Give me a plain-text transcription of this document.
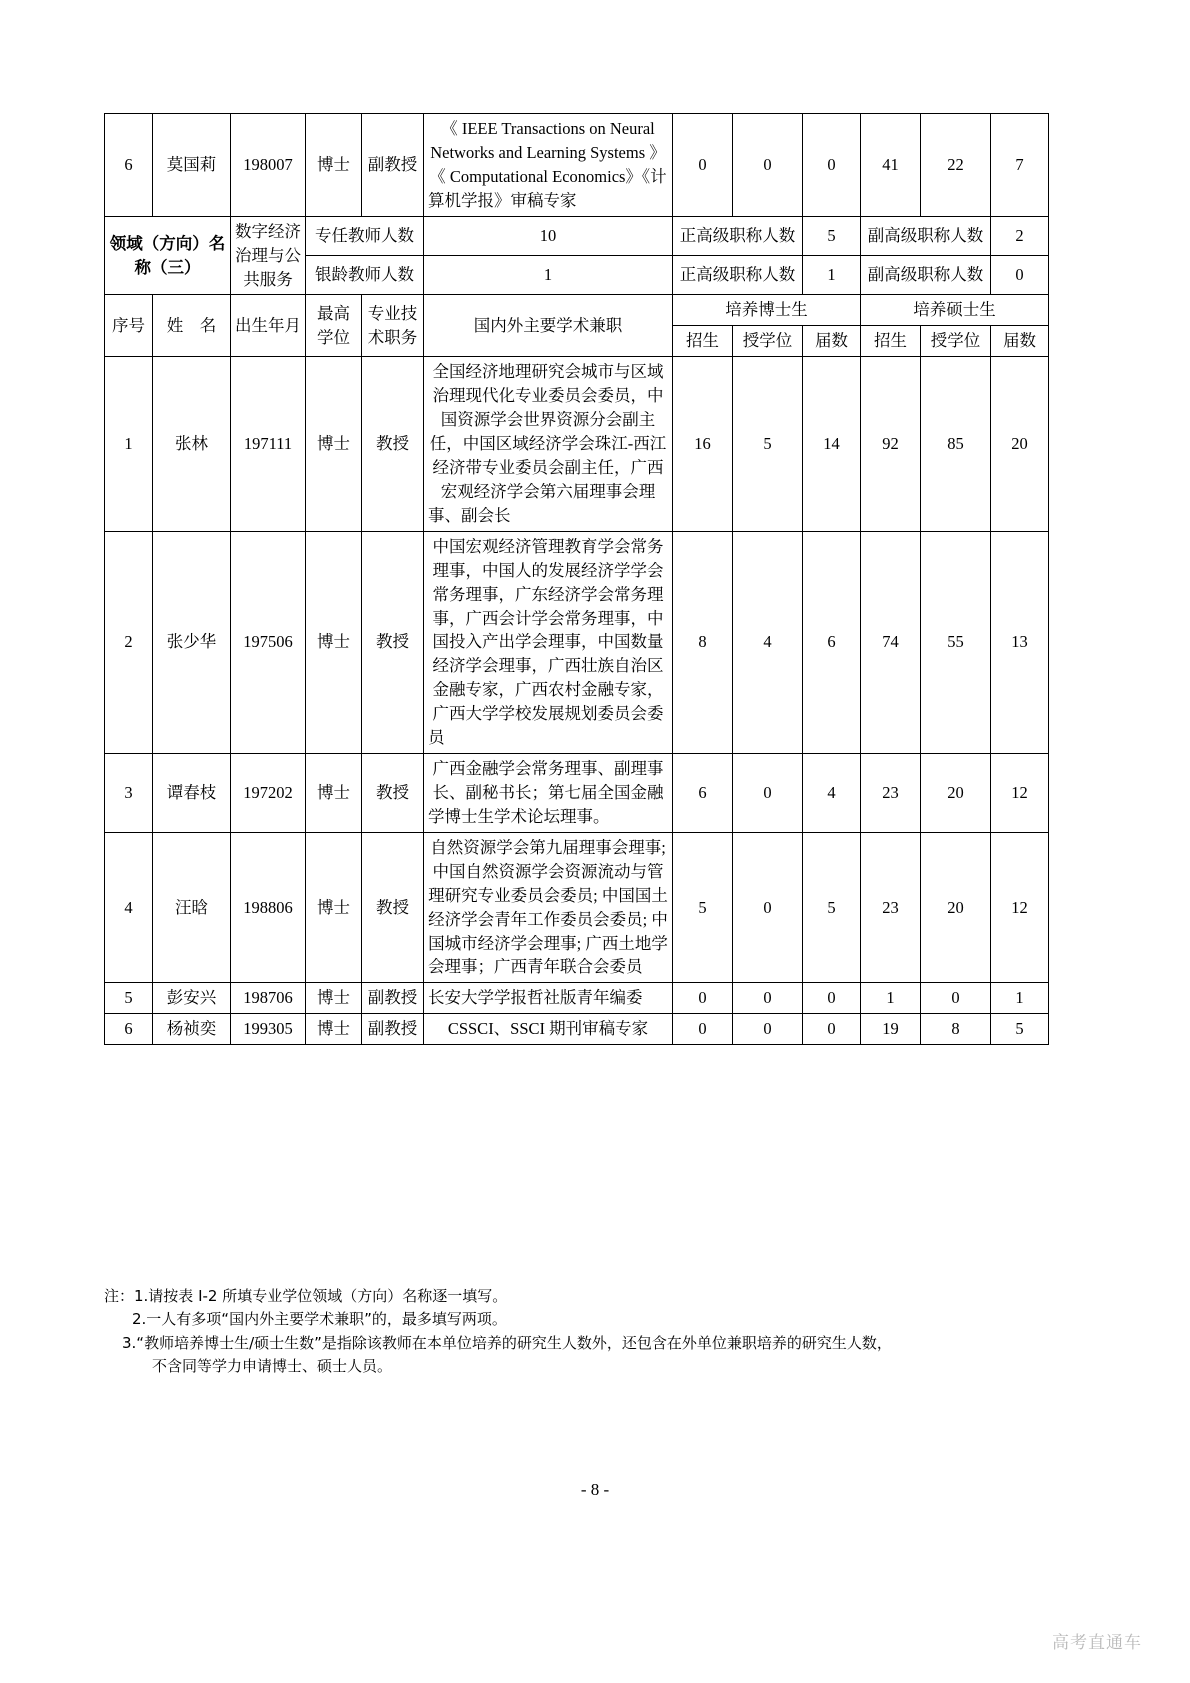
6	莫国莉	198007	博士	副教授	《 IEEE Transactions on Neural Networks and Learning Systems 》《 Computational Economics》《计算机学报》审稿专家	0	0	0	41	22	7
领域（方向）名称（三）		数字经济治理与公共服务	专任教师人数		10	正高级职称人数		5	副高级职称人数		2
			银龄教师人数		1	正高级职称人数		1	副高级职称人数		0
序号	姓　名	出生年月	最高学位	专业技术职务	国内外主要学术兼职	培养博士生			培养硕士生		
						招生	授学位	届数	招生	授学位	届数
1	张林	197111	博士	教授	全国经济地理研究会城市与区域治理现代化专业委员会委员，中国资源学会世界资源分会副主任，中国区域经济学会珠江-西江经济带专业委员会副主任，广西宏观经济学会第六届理事会理事、副会长	16	5	14	92	85	20
2	张少华	197506	博士	教授	中国宏观经济管理教育学会常务理事，中国人的发展经济学学会常务理事，广东经济学会常务理事，广西会计学会常务理事，中国投入产出学会理事，中国数量经济学会理事，广西壮族自治区金融专家，广西农村金融专家，广西大学学校发展规划委员会委员	8	4	6	74	55	13
3	谭春枝	197202	博士	教授	广西金融学会常务理事、副理事长、副秘书长；第七届全国金融学博士生学术论坛理事。	6	0	4	23	20	12
4	汪晗	198806	博士	教授	自然资源学会第九届理事会理事; 中国自然资源学会资源流动与管理研究专业委员会委员; 中国国土经济学会青年工作委员会委员; 中国城市经济学会理事; 广西土地学会理事；广西青年联合会委员	5	0	5	23	20	12
5	彭安兴	198706	博士	副教授	长安大学学报哲社版青年编委	0	0	0	1	0	1
6	杨祯奕	199305	博士	副教授	CSSCI、SSCI 期刊审稿专家	0	0	0	19	8	5
注：1.请按表 I-2 所填专业学位领域（方向）名称逐一填写。
2.一人有多项“国内外主要学术兼职”的，最多填写两项。
3.“教师培养博士生/硕士生数”是指除该教师在本单位培养的研究生人数外，还包含在外单位兼职培养的研究生人数，
不含同等学力申请博士、硕士人员。
- 8 -
高考直通车
